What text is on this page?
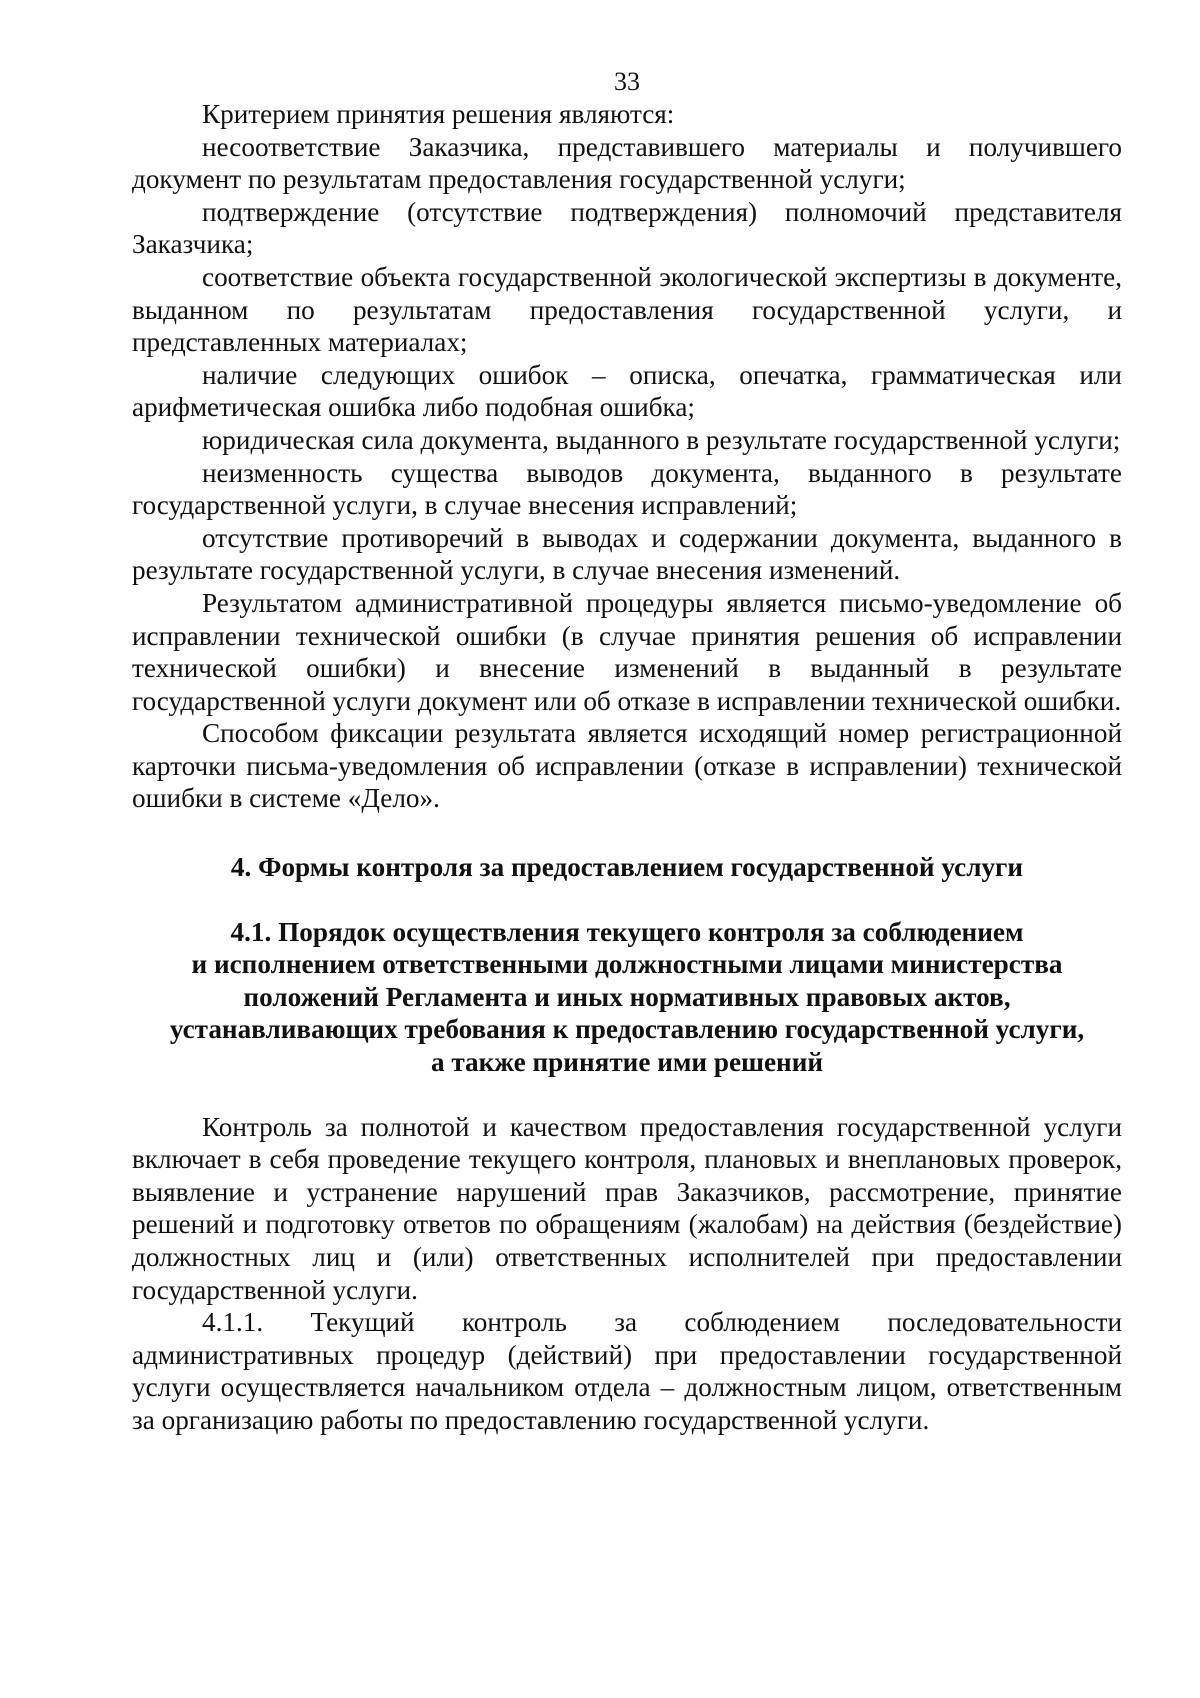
33

Критерием принятия решения являются:

несоответствие Заказчика, представившего материалы и получившего документ по результатам предоставления государственной услуги;

подтверждение (отсутствие подтверждения) полномочий представителя Заказчика;

соответствие объекта государственной экологической экспертизы в документе, выданном по результатам предоставления государственной услуги, и представленных материалах;

наличие следующих ошибок – описка, опечатка, грамматическая или арифметическая ошибка либо подобная ошибка;

юридическая сила документа, выданного в результате государственной услуги;

неизменность существа выводов документа, выданного в результате государственной услуги, в случае внесения исправлений;

отсутствие противоречий в выводах и содержании документа, выданного в результате государственной услуги, в случае внесения изменений.

Результатом административной процедуры является письмо-уведомление об исправлении технической ошибки (в случае принятия решения об исправлении технической ошибки) и внесение изменений в выданный в результате государственной услуги документ или об отказе в исправлении технической ошибки.

Способом фиксации результата является исходящий номер регистрационной карточки письма-уведомления об исправлении (отказе в исправлении) технической ошибки в системе «Дело».

4. Формы контроля за предоставлением государственной услуги
4.1. Порядок осуществления текущего контроля за соблюдением
и исполнением ответственными должностными лицами министерства
положений Регламента и иных нормативных правовых актов,
устанавливающих требования к предоставлению государственной услуги,
а также принятие ими решений

Контроль за полнотой и качеством предоставления государственной услуги включает в себя проведение текущего контроля, плановых и внеплановых проверок, выявление и устранение нарушений прав Заказчиков, рассмотрение, принятие решений и подготовку ответов по обращениям (жалобам) на действия (бездействие) должностных лиц и (или) ответственных исполнителей при предоставлении государственной услуги.

4.1.1. Текущий контроль за соблюдением последовательности административных процедур (действий) при предоставлении государственной услуги осуществляется начальником отдела – должностным лицом, ответственным за организацию работы по предоставлению государственной услуги.
